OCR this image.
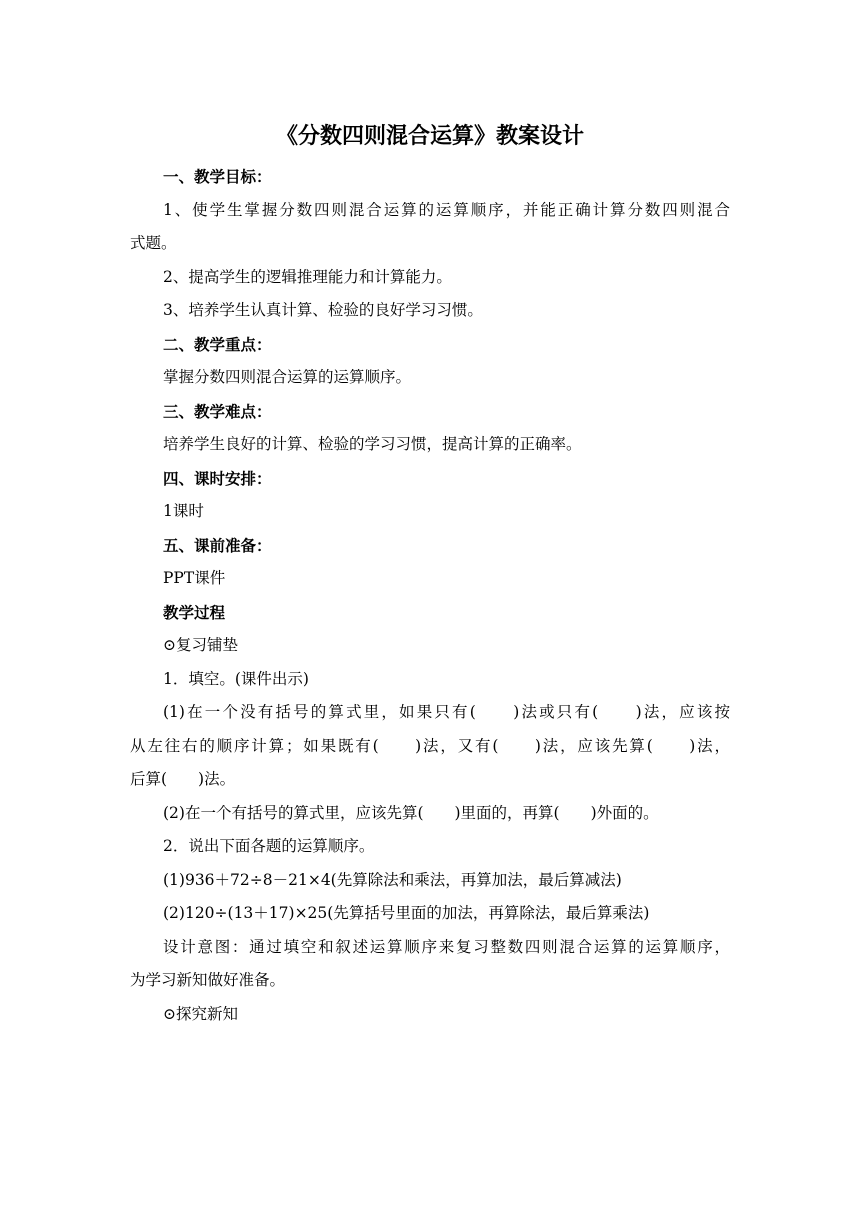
《分数四则混合运算》教案设计
一、教学目标：
1、使学生掌握分数四则混合运算的运算顺序，并能正确计算分数四则混合
式题。
2、提高学生的逻辑推理能力和计算能力。
3、培养学生认真计算、检验的良好学习习惯。
二、教学重点：
掌握分数四则混合运算的运算顺序。
三、教学难点：
培养学生良好的计算、检验的学习习惯，提高计算的正确率。
四、课时安排：
1课时
五、课前准备：
PPT课件
教学过程
⊙复习铺垫
1．填空。(课件出示)
(1)在一个没有括号的算式里，如果只有(　　)法或只有(　　)法，应该按
从左往右的顺序计算；如果既有(　　)法，又有(　　)法，应该先算(　　)法，
后算(　　)法。
(2)在一个有括号的算式里，应该先算(　　)里面的，再算(　　)外面的。
2．说出下面各题的运算顺序。
(1)936＋72÷8－21×4(先算除法和乘法，再算加法，最后算减法)
(2)120÷(13＋17)×25(先算括号里面的加法，再算除法，最后算乘法)
设计意图：通过填空和叙述运算顺序来复习整数四则混合运算的运算顺序，
为学习新知做好准备。
⊙探究新知
